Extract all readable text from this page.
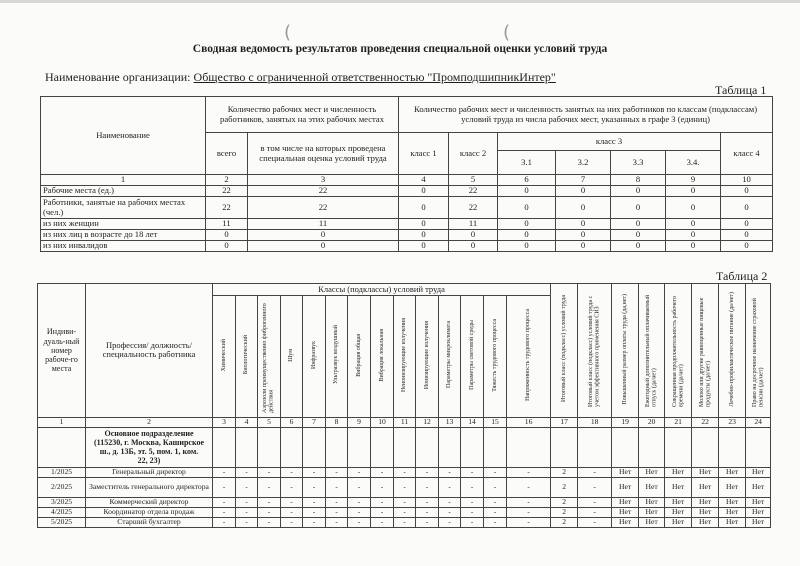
(	(
Сводная ведомость результатов проведения специальной оценки условий труда
Наименование организации: Общество с ограниченной ответственностью "ПромподшипникИнтер"
Таблица 1
Наименование	Количество рабочих мест и численность работников, занятых на этих рабочих местах		Количество рабочих мест и численность занятых на них работников по классам (подклассам) условий труда из числа рабочих мест, указанных в графе 3 (единиц)						
	всего	в том числе на которых проведена специальная оценка условий труда	класс 1	класс 2	класс 3				класс 4
					3.1	3.2	3.3	3.4.	
1	2	3	4	5	6	7	8	9	10
Рабочие места (ед.)	22	22	0	22	0	0	0	0	0
Работники, занятые на рабочих местах (чел.)	22	22	0	22	0	0	0	0	0
из них женщин	11	11	0	11	0	0	0	0	0
из них лиц в возрасте до 18 лет	0	0	0	0	0	0	0	0	0
из них инвалидов	0	0	0	0	0	0	0	0	0
Таблица 2
Индиви-дуаль-ный номер рабоче-го места	Профессия/ должность/ специальность работника	Классы (подклассы) условий труда														Итоговый класс (подкласс) условий труда	Итоговый класс (подкласс) условий труда с учетом эффективного применения СИЗ	Повышенный размер оплаты труда (да,нет)	Ежегодный дополнительный оплачиваемый отпуск (да/нет)	Сокращенная продолжительность рабочего времени (да/нет)	Молоко или другие равноценные пищевые продукты (да/нет)	Лечебно-профилактическое питание (да/нет)	Право на досрочное назначение страховой пенсии (да/нет)
		Химический	Биологический	Аэрозоли преимущественно фиброгенного действия	Шум	Инфразвук	Ультразвук воздушный	Вибрация общая	Вибрация локальная	Неионизирующие излучения	Ионизирующие излучения	Параметры микроклимата	Параметры световой среды	Тяжесть трудового процесса	Напряженность трудового процесса								
1	2	3	4	5	6	7	8	9	10	11	12	13	14	15	16	17	18	19	20	21	22	23	24
	Основное подразделение (115230, г. Москва, Каширское ш., д. 13Б, эт. 5, пом. 1, ком. 22, 23)																						
1/2025	Генеральный директор	-	-	-	-	-	-	-	-	-	-	-	-	-	-	2	-	Нет	Нет	Нет	Нет	Нет	Нет
2/2025	Заместитель генерального директора	-	-	-	-	-	-	-	-	-	-	-	-	-	-	2	-	Нет	Нет	Нет	Нет	Нет	Нет
3/2025	Коммерческий директор	-	-	-	-	-	-	-	-	-	-	-	-	-	-	2	-	Нет	Нет	Нет	Нет	Нет	Нет
4/2025	Координатор отдела продаж	-	-	-	-	-	-	-	-	-	-	-	-	-	-	2	-	Нет	Нет	Нет	Нет	Нет	Нет
5/2025	Старший бухгалтер	-	-	-	-	-	-	-	-	-	-	-	-	-	-	2	-	Нет	Нет	Нет	Нет	Нет	Нет
